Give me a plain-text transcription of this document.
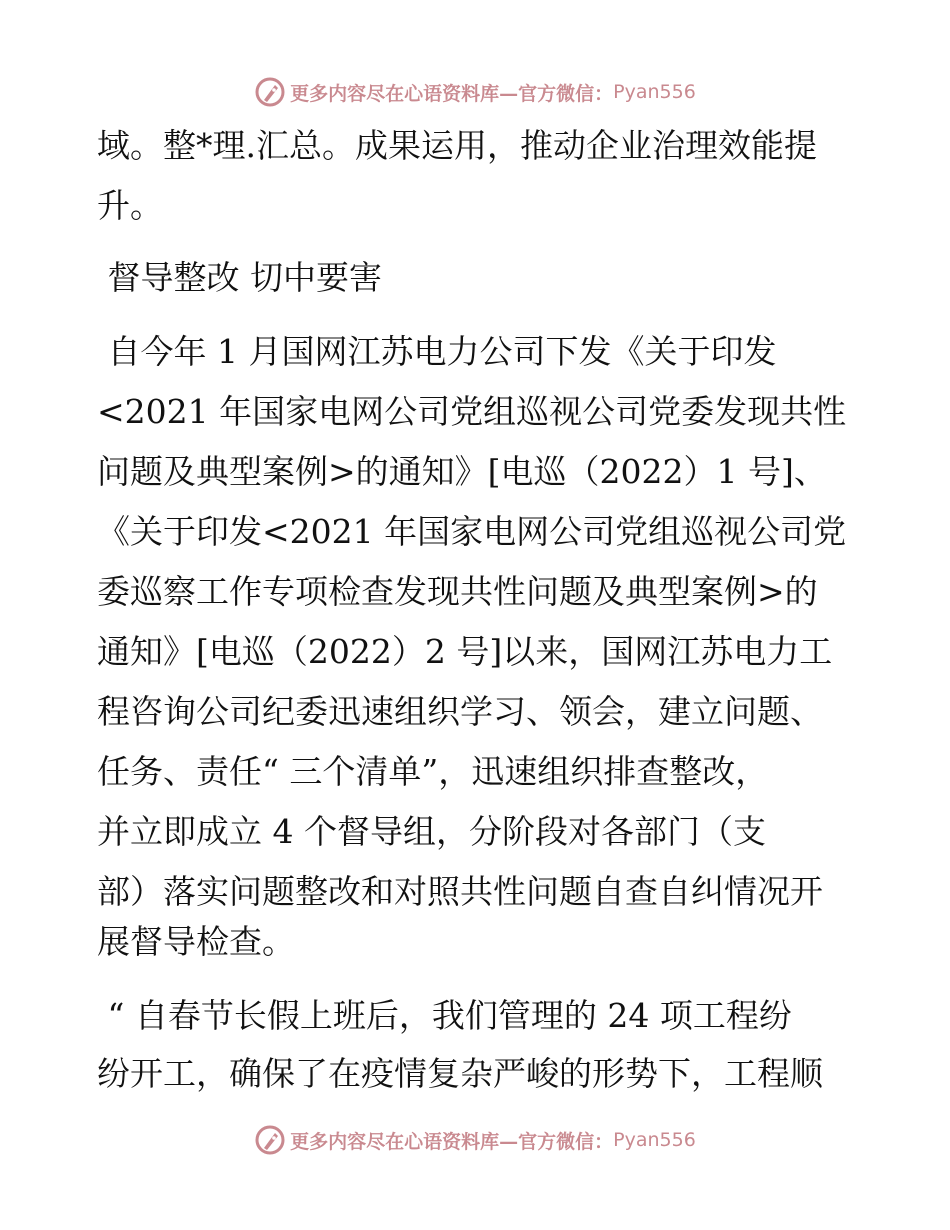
更多内容尽在心语资料库—官方微信： Pyan556
域。整*理.汇总。成果运用，推动企业治理效能提
升。
督导整改 切中要害
自今年 1 月国网江苏电力公司下发《关于印发
<2021 年国家电网公司党组巡视公司党委发现共性
问题及典型案例>的通知》[电巡（2022）1 号]、
《关于印发<2021 年国家电网公司党组巡视公司党
委巡察工作专项检查发现共性问题及典型案例>的
通知》[电巡（2022）2 号]以来，国网江苏电力工
程咨询公司纪委迅速组织学习、领会，建立问题、
任务、责任“ 三个清单”，迅速组织排查整改，
并立即成立 4 个督导组，分阶段对各部门（支
部）落实问题整改和对照共性问题自查自纠情况开
展督导检查。
“ 自春节长假上班后，我们管理的 24 项工程纷
纷开工，确保了在疫情复杂严峻的形势下，工程顺
更多内容尽在心语资料库—官方微信： Pyan556
